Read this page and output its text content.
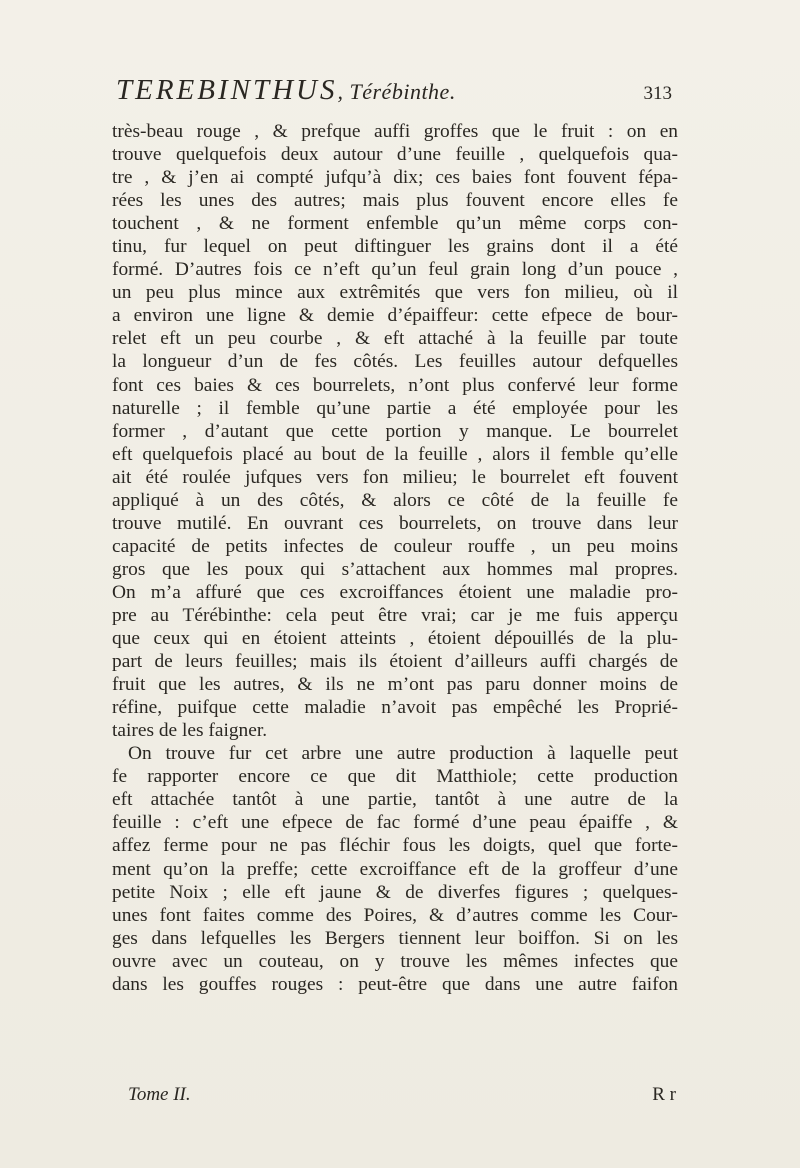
TEREBINTHUS, Térébinthe.	313
très-beau rouge , & prefque auffi groffes que le fruit : on en
trouve quelquefois deux autour d’une feuille , quelquefois qua-
tre , & j’en ai compté jufqu’à dix; ces baies font fouvent fépa-
rées les unes des autres; mais plus fouvent encore elles fe
touchent , & ne forment enfemble qu’un même corps con-
tinu, fur lequel on peut diftinguer les grains dont il a été
formé. D’autres fois ce n’eft qu’un feul grain long d’un pouce ,
un peu plus mince aux extrêmités que vers fon milieu, où il
a environ une ligne & demie d’épaiffeur: cette efpece de bour-
relet eft un peu courbe , & eft attaché à la feuille par toute
la longueur d’un de fes côtés. Les feuilles autour defquelles
font ces baies & ces bourrelets, n’ont plus confervé leur forme
naturelle ; il femble qu’une partie a été employée pour les
former , d’autant que cette portion y manque. Le bourrelet
eft quelquefois placé au bout de la feuille , alors il femble qu’elle
ait été roulée jufques vers fon milieu; le bourrelet eft fouvent
appliqué à un des côtés, & alors ce côté de la feuille fe
trouve mutilé. En ouvrant ces bourrelets, on trouve dans leur
capacité de petits infectes de couleur rouffe , un peu moins
gros que les poux qui s’attachent aux hommes mal propres.
On m’a affuré que ces excroiffances étoient une maladie pro-
pre au Térébinthe: cela peut être vrai; car je me fuis apperçu
que ceux qui en étoient atteints , étoient dépouillés de la plu-
part de leurs feuilles; mais ils étoient d’ailleurs auffi chargés de
fruit que les autres, & ils ne m’ont pas paru donner moins de
réfine, puifque cette maladie n’avoit pas empêché les Proprié-
taires de les faigner.
On trouve fur cet arbre une autre production à laquelle peut
fe rapporter encore ce que dit Matthiole; cette production
eft attachée tantôt à une partie, tantôt à une autre de la
feuille : c’eft une efpece de fac formé d’une peau épaiffe , &
affez ferme pour ne pas fléchir fous les doigts, quel que forte-
ment qu’on la preffe; cette excroiffance eft de la groffeur d’une
petite Noix ; elle eft jaune & de diverfes figures ; quelques-
unes font faites comme des Poires, & d’autres comme les Cour-
ges dans lefquelles les Bergers tiennent leur boiffon. Si on les
ouvre avec un couteau, on y trouve les mêmes infectes que
dans les gouffes rouges : peut-être que dans une autre faifon
Tome II.	R r
